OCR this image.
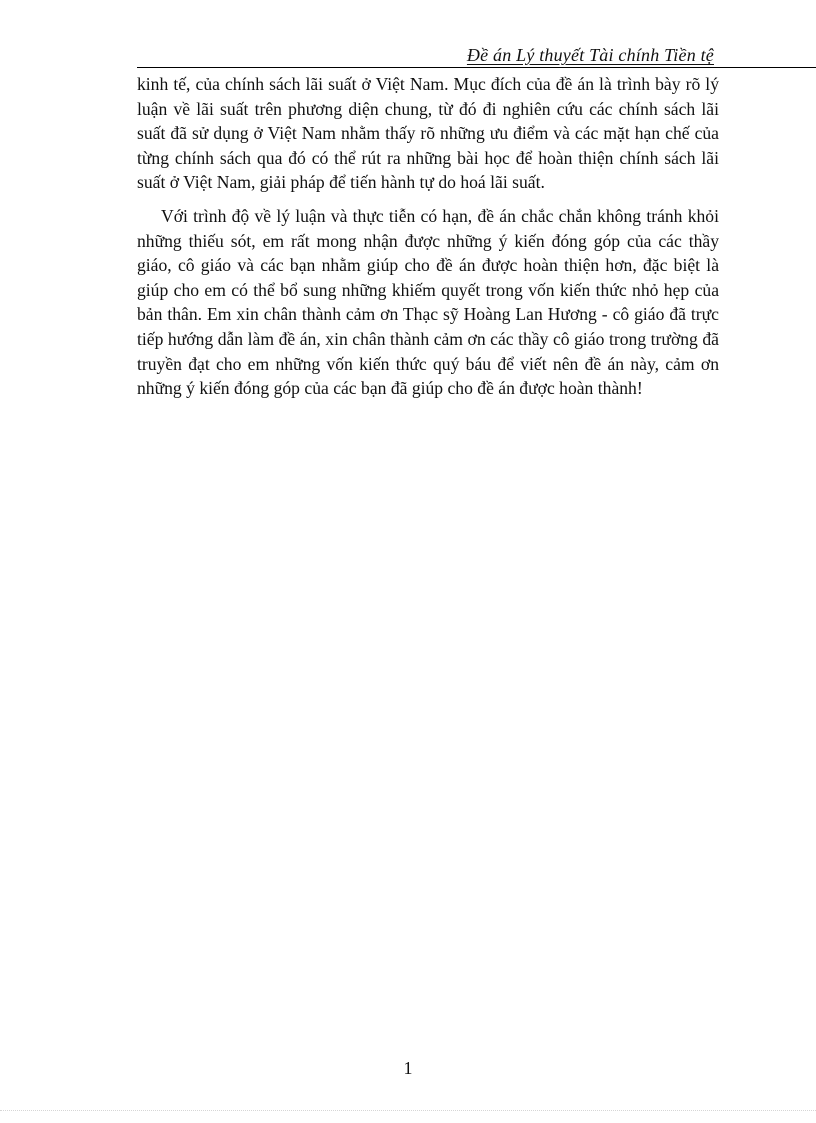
Đề án Lý thuyết Tài chính Tiền tệ

kinh tế, của chính sách lãi suất ở Việt Nam. Mục đích của đề án là trình bày rõ lý luận về lãi suất trên phương diện chung, từ đó đi nghiên cứu các chính sách lãi suất đã sử dụng ở Việt Nam nhằm thấy rõ những ưu điểm và các mặt hạn chế của từng chính sách qua đó có thể rút ra những bài học để hoàn thiện chính sách lãi suất ở Việt Nam, giải pháp để tiến hành tự do hoá lãi suất.

Với trình độ về lý luận và thực tiễn có hạn, đề án chắc chắn không tránh khỏi những thiếu sót, em rất mong nhận được những ý kiến đóng góp của các thầy giáo, cô giáo và các bạn nhằm giúp cho đề án được hoàn thiện hơn, đặc biệt là giúp cho em có thể bổ sung những khiếm quyết trong vốn kiến thức nhỏ hẹp của bản thân. Em xin chân thành cảm ơn Thạc sỹ Hoàng Lan Hương - cô giáo đã trực tiếp hướng dẫn làm đề án, xin chân thành cảm ơn các thầy cô giáo trong trường đã truyền đạt cho em những vốn kiến thức quý báu để viết nên đề án này, cảm ơn những ý kiến đóng góp của các bạn đã giúp cho đề án được hoàn thành!

1
